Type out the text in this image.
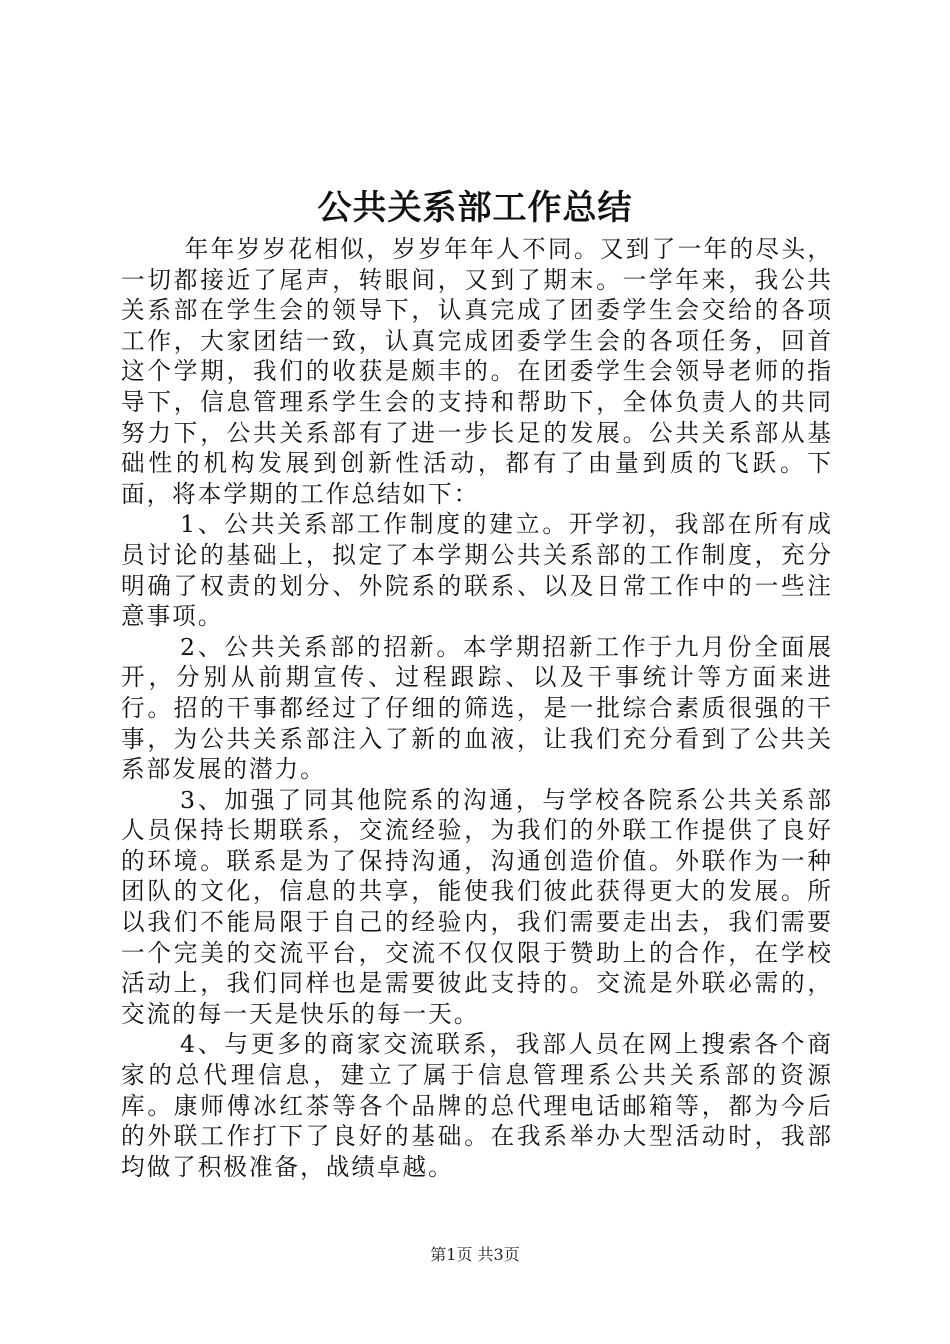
公共关系部工作总结

年年岁岁花相似，岁岁年年人不同。又到了一年的尽头，一切都接近了尾声，转眼间，又到了期末。一学年来，我公共关系部在学生会的领导下，认真完成了团委学生会交给的各项工作，大家团结一致，认真完成团委学生会的各项任务，回首这个学期，我们的收获是颇丰的。在团委学生会领导老师的指导下，信息管理系学生会的支持和帮助下，全体负责人的共同努力下，公共关系部有了进一步长足的发展。公共关系部从基础性的机构发展到创新性活动，都有了由量到质的飞跃。下面，将本学期的工作总结如下：

1、公共关系部工作制度的建立。开学初，我部在所有成员讨论的基础上，拟定了本学期公共关系部的工作制度，充分明确了权责的划分、外院系的联系、以及日常工作中的一些注意事项。

2、公共关系部的招新。本学期招新工作于九月份全面展开，分别从前期宣传、过程跟踪、以及干事统计等方面来进行。招的干事都经过了仔细的筛选，是一批综合素质很强的干事，为公共关系部注入了新的血液，让我们充分看到了公共关系部发展的潜力。

3、加强了同其他院系的沟通，与学校各院系公共关系部人员保持长期联系，交流经验，为我们的外联工作提供了良好的环境。联系是为了保持沟通，沟通创造价值。外联作为一种团队的文化，信息的共享，能使我们彼此获得更大的发展。所以我们不能局限于自己的经验内，我们需要走出去，我们需要一个完美的交流平台，交流不仅仅限于赞助上的合作，在学校活动上，我们同样也是需要彼此支持的。交流是外联必需的，交流的每一天是快乐的每一天。

4、与更多的商家交流联系，我部人员在网上搜索各个商家的总代理信息，建立了属于信息管理系公共关系部的资源库。康师傅冰红茶等各个品牌的总代理电话邮箱等，都为今后的外联工作打下了良好的基础。在我系举办大型活动时，我部均做了积极准备，战绩卓越。

第1页 共3页
